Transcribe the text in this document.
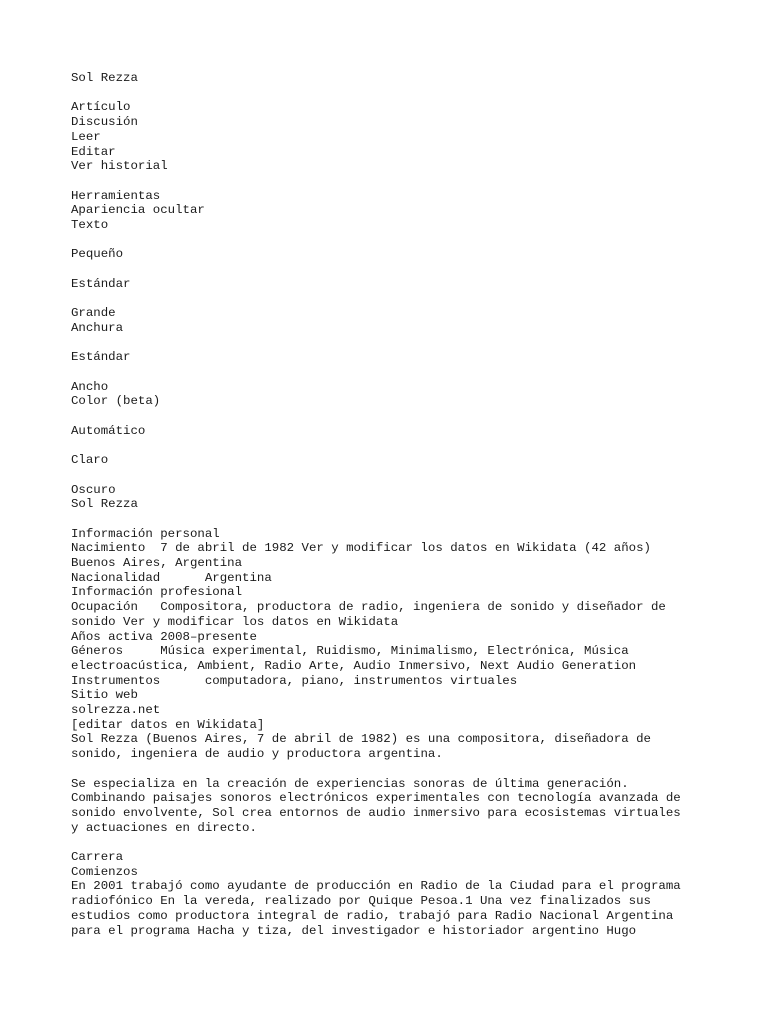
Sol Rezza
Artículo
Discusión
Leer
Editar
Ver historial
Herramientas
Apariencia ocultar
Texto
Pequeño
Estándar
Grande
Anchura
Estándar
Ancho
Color (beta)
Automático
Claro
Oscuro
Sol Rezza
Información personal
Nacimiento  7 de abril de 1982 Ver y modificar los datos en Wikidata (42 años)
Buenos Aires, Argentina
Nacionalidad      Argentina
Información profesional
Ocupación   Compositora, productora de radio, ingeniera de sonido y diseñador de
sonido Ver y modificar los datos en Wikidata
Años activa 2008–presente
Géneros     Música experimental, Ruidismo, Minimalismo, Electrónica, Música
electroacústica, Ambient, Radio Arte, Audio Inmersivo, Next Audio Generation
Instrumentos      computadora, piano, instrumentos virtuales
Sitio web
solrezza.net
[editar datos en Wikidata]
Sol Rezza (Buenos Aires, 7 de abril de 1982) es una compositora, diseñadora de
sonido, ingeniera de audio y productora argentina.
Se especializa en la creación de experiencias sonoras de última generación.
Combinando paisajes sonoros electrónicos experimentales con tecnología avanzada de
sonido envolvente, Sol crea entornos de audio inmersivo para ecosistemas virtuales
y actuaciones en directo.
Carrera
Comienzos
En 2001 trabajó como ayudante de producción en Radio de la Ciudad para el programa
radiofónico En la vereda, realizado por Quique Pesoa.1 Una vez finalizados sus
estudios como productora integral de radio, trabajó para Radio Nacional Argentina
para el programa Hacha y tiza, del investigador e historiador argentino Hugo
